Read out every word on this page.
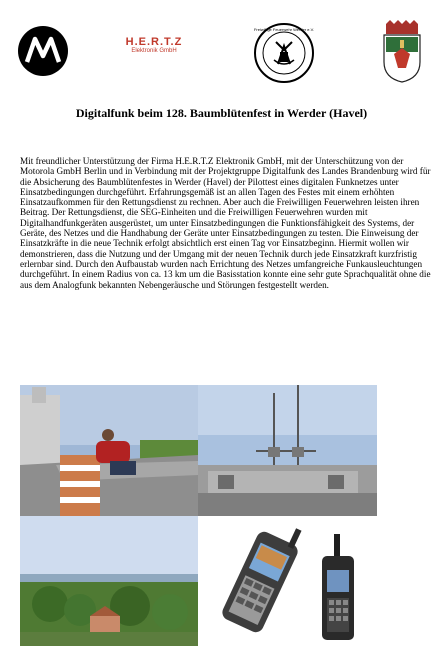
H.E.R.T.Z
Elektronik GmbH
Freiwillige Feuerwehr Werder e.V.
Digitalfunk beim 128. Baumblütenfest in Werder (Havel)

Mit freundlicher Unterstützung der Firma H.E.R.T.Z Elektronik GmbH, mit der Unterschützung von der Motorola GmbH Berlin und in Verbindung mit der Projektgruppe Digitalfunk des Landes Brandenburg wird für die Absicherung des Baumblütenfestes in Werder (Havel) der Pilottest eines digitalen Funknetzes unter Einsatzbedingungen durchgeführt. Erfahrungsgemäß ist an allen Tagen des Festes mit einem erhöhten Einsatzaufkommen für den Rettungsdienst zu rechnen. Aber auch die Freiwilligen Feuerwehren leisten ihren Beitrag. Der Rettungsdienst, die SEG-Einheiten und die Freiwilligen Feuerwehren wurden mit Digitalhandfunkgeräten ausgerüstet, um unter Einsatzbedingungen die Funktionsfähigkeit des Systems, der Geräte, des Netzes und die Handhabung der Geräte unter Einsatzbedingungen zu testen. Die Einweisung der Einsatzkräfte in die neue Technik erfolgt absichtlich erst einen Tag vor Einsatzbeginn. Hiermit wollen wir demonstrieren, dass die Nutzung und der Umgang mit der neuen Technik durch jede Einsatzkraft kurzfristig erlernbar sind. Durch den Aufbaustab wurden nach Errichtung des Netzes umfangreiche Funkausleuchtungen durchgeführt. In einem Radius von ca. 13 km um die Basisstation konnte eine sehr gute Sprachqualität ohne die aus dem Analogfunk bekannten Nebengeräusche und Störungen festgestellt werden.
